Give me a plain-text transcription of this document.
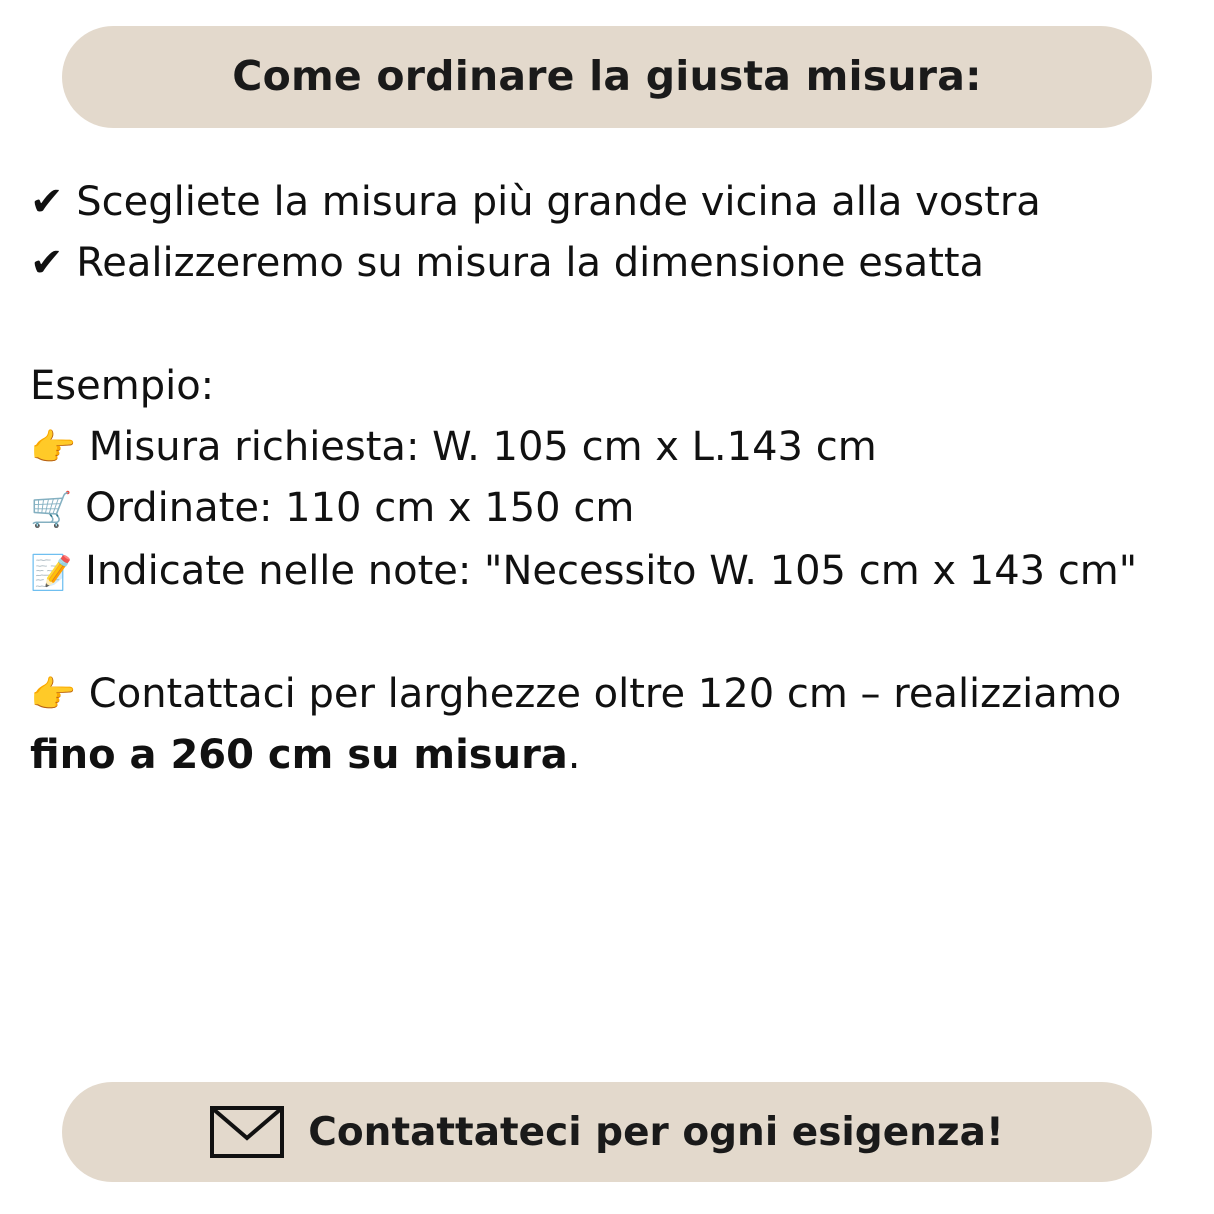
Come ordinare la giusta misura:
✔ Scegliete la misura più grande vicina alla vostra
✔ Realizzeremo su misura la dimensione esatta
Esempio:
👉 Misura richiesta: W. 105 cm x L.143 cm
🛒 Ordinate: 110 cm x 150 cm
📝 Indicate nelle note: "Necessito W. 105 cm x 143 cm"
👉 Contattaci per larghezze oltre 120 cm – realizziamo fino a 260 cm su misura.
Contattateci per ogni esigenza!
